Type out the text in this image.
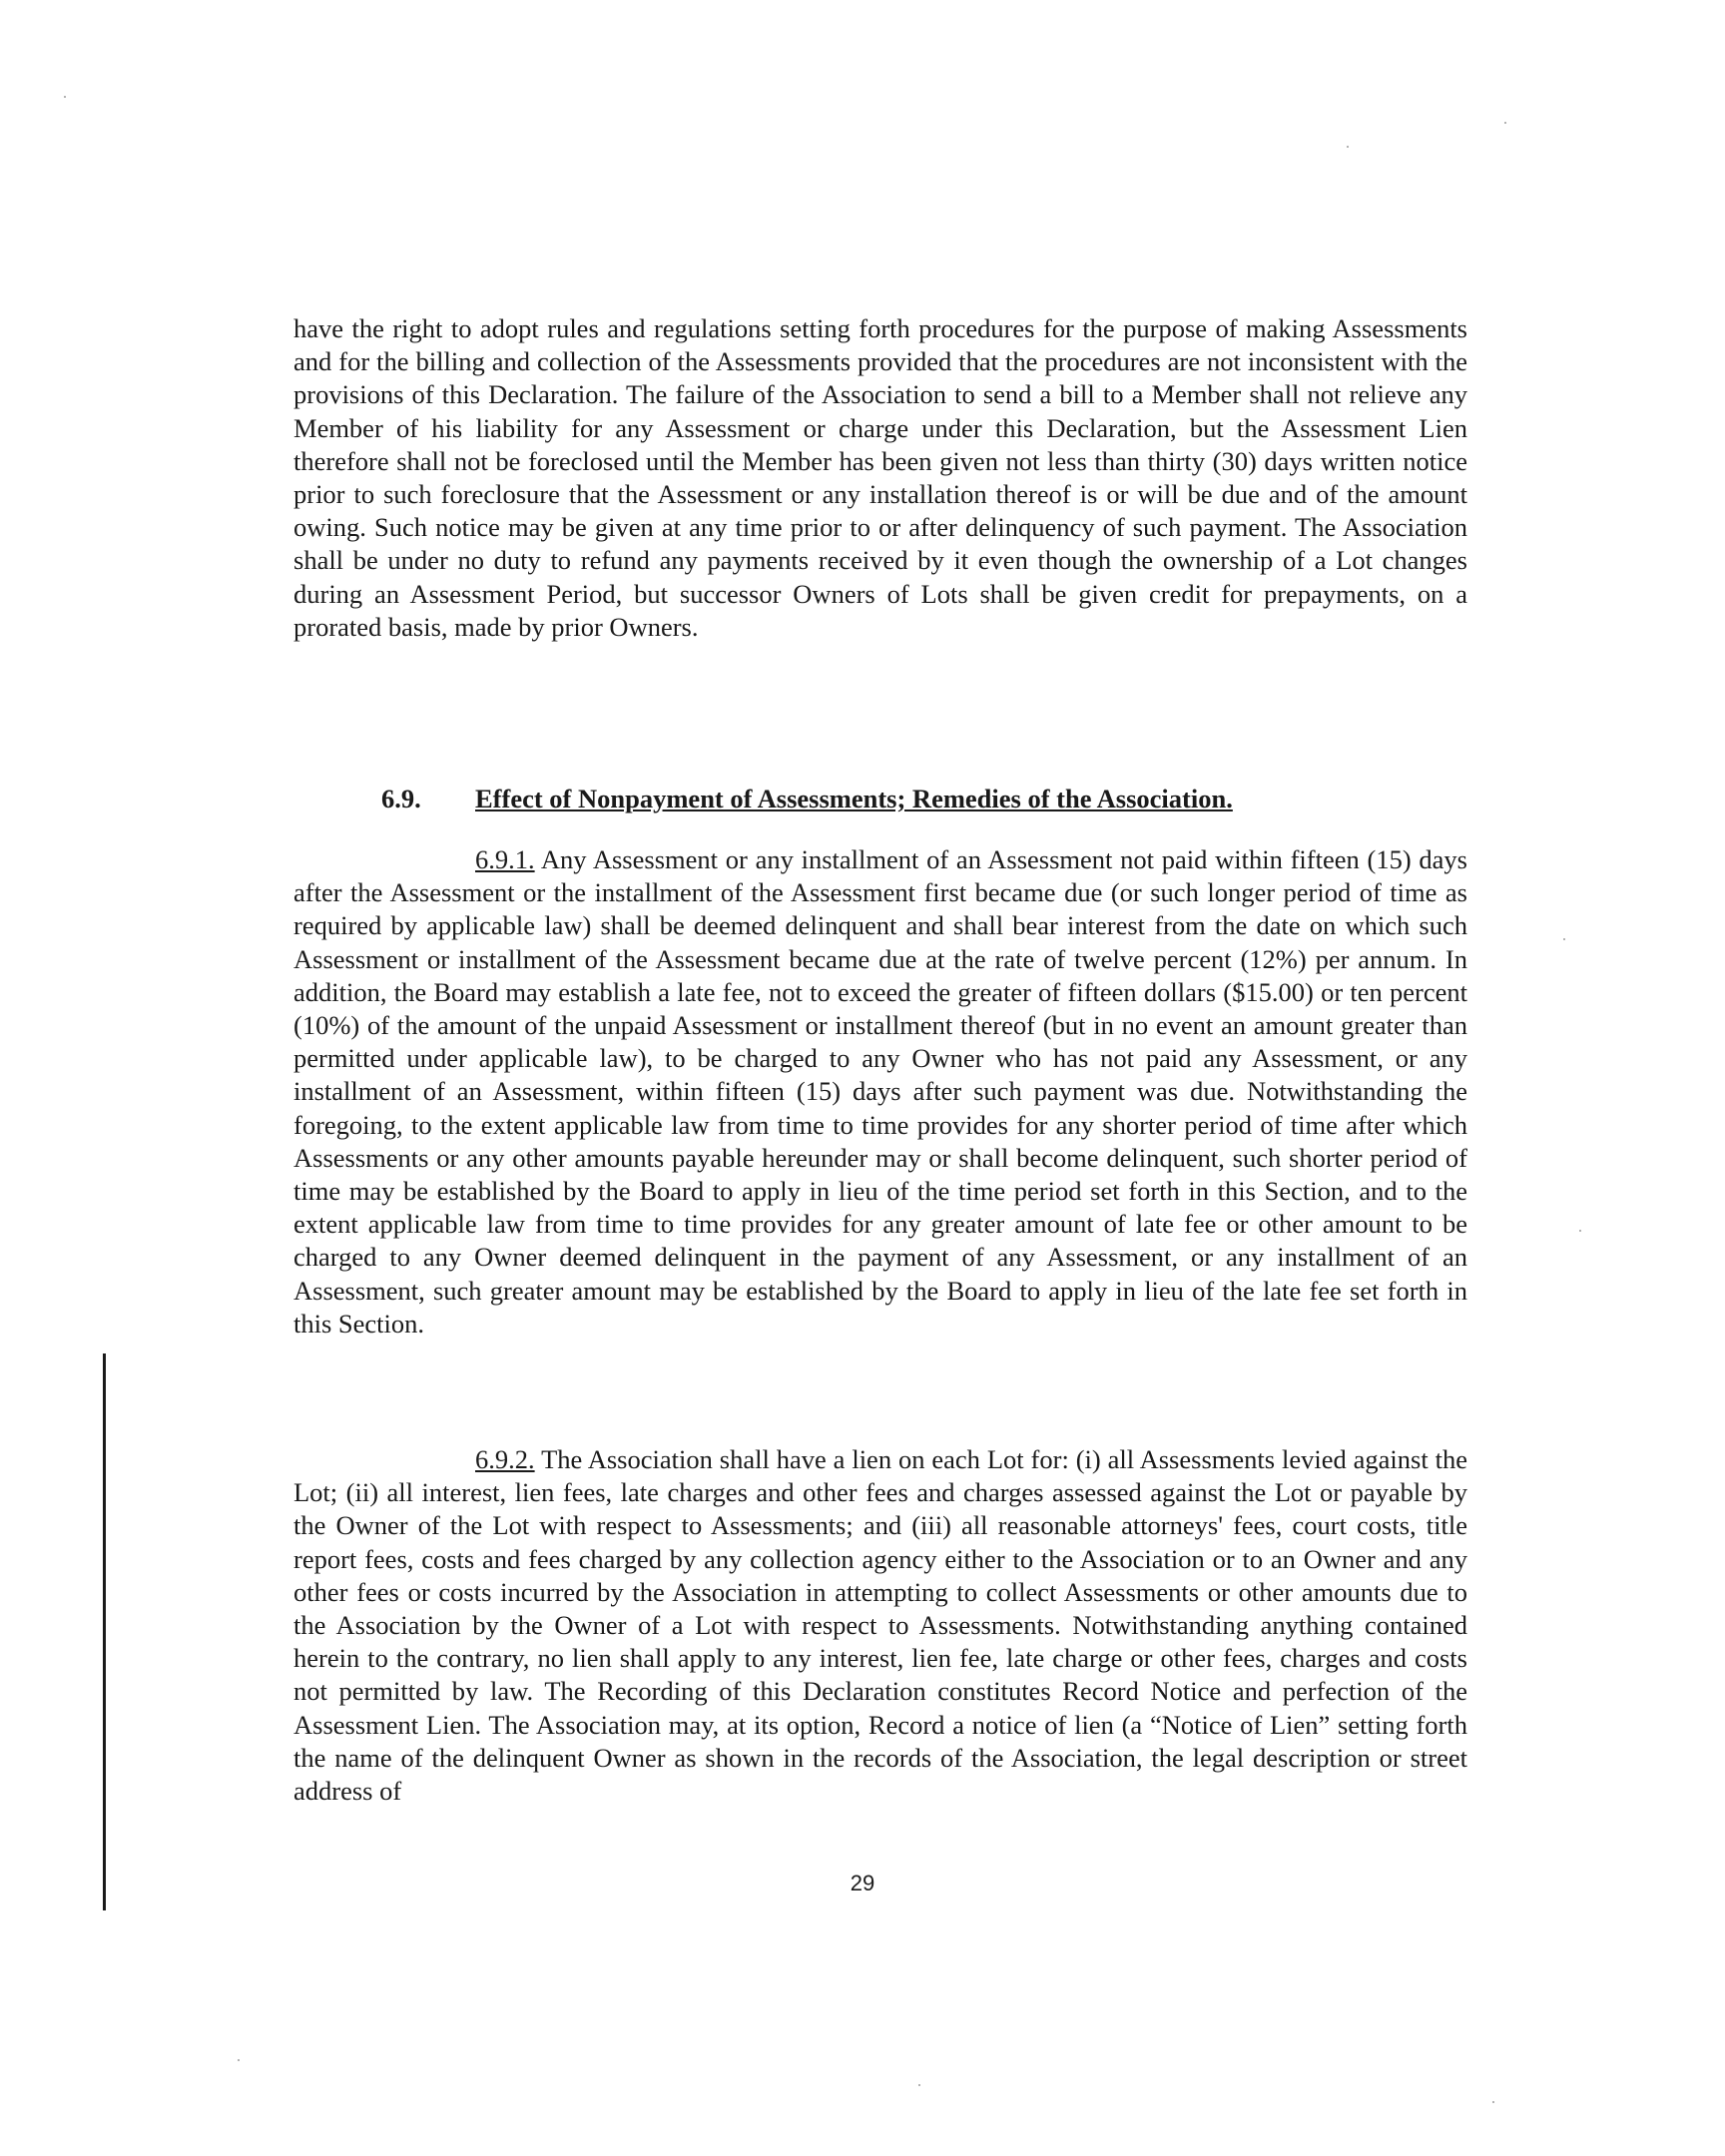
have the right to adopt rules and regulations setting forth procedures for the purpose of making Assessments and for the billing and collection of the Assessments provided that the procedures are not inconsistent with the provisions of this Declaration. The failure of the Association to send a bill to a Member shall not relieve any Member of his liability for any Assessment or charge under this Declaration, but the Assessment Lien therefore shall not be foreclosed until the Member has been given not less than thirty (30) days written notice prior to such foreclosure that the Assessment or any installation thereof is or will be due and of the amount owing. Such notice may be given at any time prior to or after delinquency of such payment. The Association shall be under no duty to refund any payments received by it even though the ownership of a Lot changes during an Assessment Period, but successor Owners of Lots shall be given credit for prepayments, on a prorated basis, made by prior Owners.

6.9. Effect of Nonpayment of Assessments; Remedies of the Association.

6.9.1. Any Assessment or any installment of an Assessment not paid within fifteen (15) days after the Assessment or the installment of the Assessment first became due (or such longer period of time as required by applicable law) shall be deemed delinquent and shall bear interest from the date on which such Assessment or installment of the Assessment became due at the rate of twelve percent (12%) per annum. In addition, the Board may establish a late fee, not to exceed the greater of fifteen dollars ($15.00) or ten percent (10%) of the amount of the unpaid Assessment or installment thereof (but in no event an amount greater than permitted under applicable law), to be charged to any Owner who has not paid any Assessment, or any installment of an Assessment, within fifteen (15) days after such payment was due. Notwithstanding the foregoing, to the extent applicable law from time to time provides for any shorter period of time after which Assessments or any other amounts payable hereunder may or shall become delinquent, such shorter period of time may be established by the Board to apply in lieu of the time period set forth in this Section, and to the extent applicable law from time to time provides for any greater amount of late fee or other amount to be charged to any Owner deemed delinquent in the payment of any Assessment, or any installment of an Assessment, such greater amount may be established by the Board to apply in lieu of the late fee set forth in this Section.

6.9.2. The Association shall have a lien on each Lot for: (i) all Assessments levied against the Lot; (ii) all interest, lien fees, late charges and other fees and charges assessed against the Lot or payable by the Owner of the Lot with respect to Assessments; and (iii) all reasonable attorneys' fees, court costs, title report fees, costs and fees charged by any collection agency either to the Association or to an Owner and any other fees or costs incurred by the Association in attempting to collect Assessments or other amounts due to the Association by the Owner of a Lot with respect to Assessments. Notwithstanding anything contained herein to the contrary, no lien shall apply to any interest, lien fee, late charge or other fees, charges and costs not permitted by law. The Recording of this Declaration constitutes Record Notice and perfection of the Assessment Lien. The Association may, at its option, Record a notice of lien (a “Notice of Lien” setting forth the name of the delinquent Owner as shown in the records of the Association, the legal description or street address of

29
